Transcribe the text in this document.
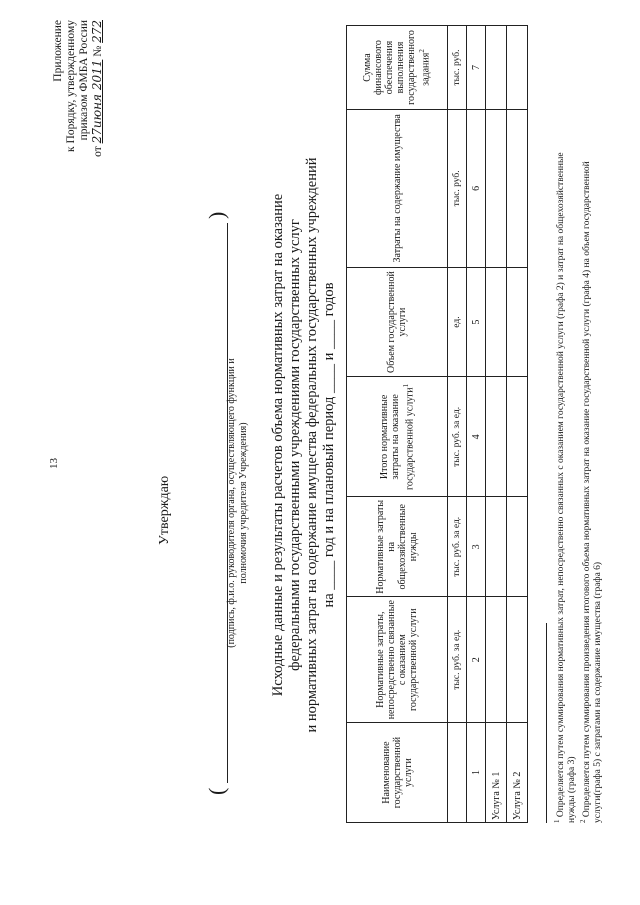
13
Приложение к Порядку, утвержденному приказом ФМБА России
от 27июня 2011 № 272
Утверждаю
(
)
(подпись, ф.и.о. руководителя органа, осуществляющего функции и полномочия учредителя Учреждения) Исходные данные и результаты расчетов объема нормативных затрат на оказание федеральными государственными учреждениями государственных услуг и нормативных затрат на содержание имущества федеральных государственных учреждений на ____ год и на плановый период ____ и ____ годов
Наименование государственной услуги	Нормативные затраты, непосредственно связанные с оказанием государственной услуги	Нормативные затраты на общехозяйственные нужды	Итого нормативные затраты на оказание государственной услуги$^1$	Объем государственной услуги	Затраты на содержание имущества	Сумма финансового обеспечения выполнения государственного задания$^2$
	тыс. руб. за ед.	тыс. руб. за ед.	тыс. руб. за ед.	ед.	тыс. руб.	тыс. руб.
1	2	3	4	5	6	7
Услуга № 1						
Услуга № 2						
$^1$ Определяется путем суммирования нормативных затрат, непосредственно связанных с оказанием государственной услуги (графа 2) и затрат на общехозяйственные нужды (графа 3) $^2$ Определяется путем суммирования произведения итогового объема нормативных затрат на оказание государственной услуги (графа 4) на объем государственной услуги(графа 5) с затратами на содержание имущества (графа 6)
